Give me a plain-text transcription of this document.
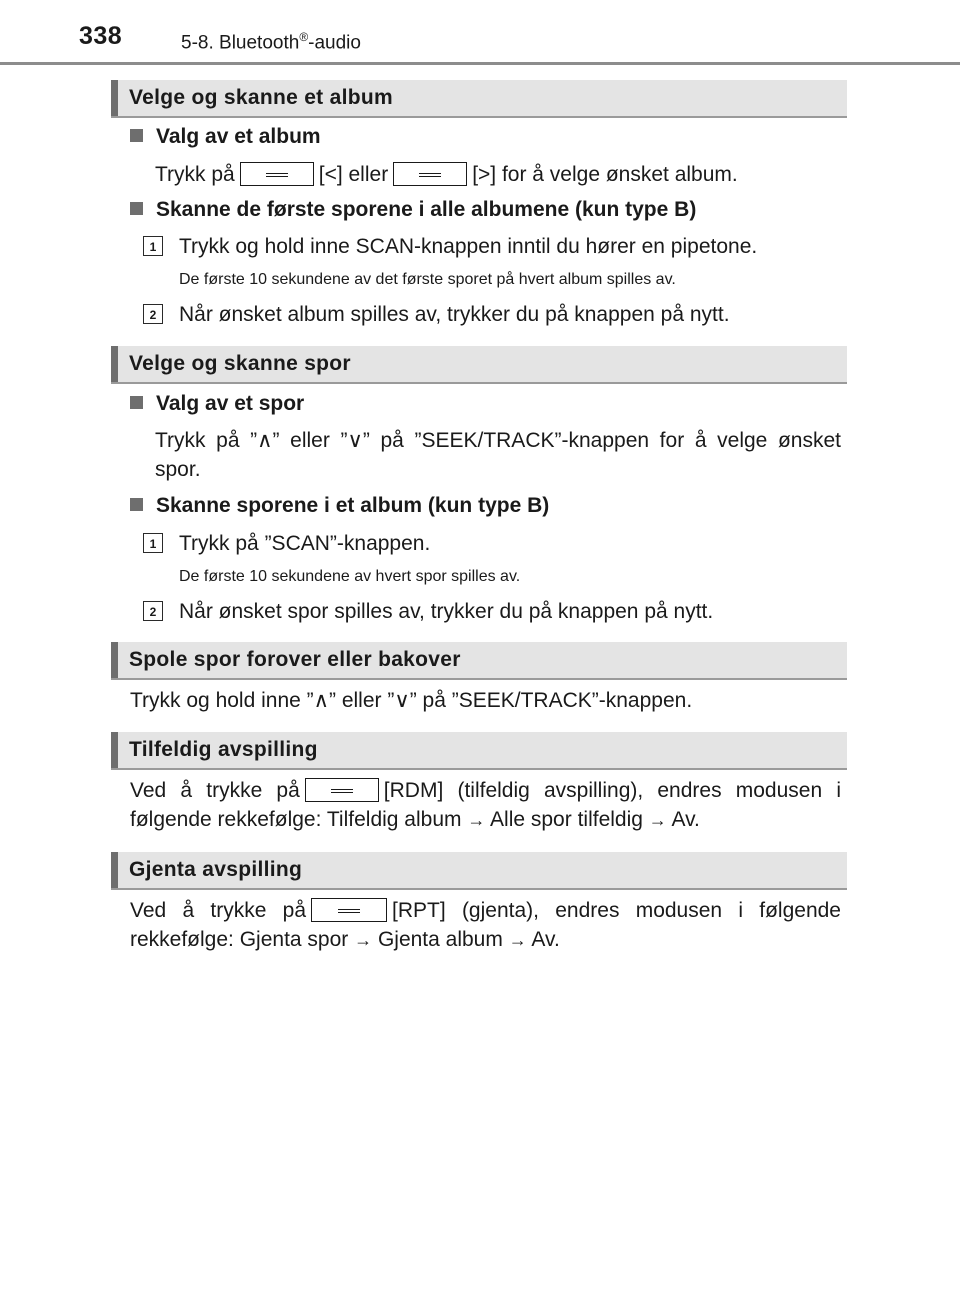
338	5-8. Bluetooth®-audio
Velge og skanne et album
Valg av et album
Trykk på	[<] eller	[>] for å velge ønsket album.
Skanne de første sporene i alle albumene (kun type B)
1	Trykk og hold inne SCAN-knappen inntil du hører en pipetone.
De første 10 sekundene av det første sporet på hvert album spilles av.
2	Når ønsket album spilles av, trykker du på knappen på nytt.
Velge og skanne spor
Valg av et spor
Trykk på ”∧” eller ”∨” på ”SEEK/TRACK”-knappen for å velge ønsket spor.
Skanne sporene i et album (kun type B)
1	Trykk på ”SCAN”-knappen.
De første 10 sekundene av hvert spor spilles av.
2	Når ønsket spor spilles av, trykker du på knappen på nytt.
Spole spor forover eller bakover
Trykk og hold inne ”∧” eller ”∨” på ”SEEK/TRACK”-knappen.
Tilfeldig avspilling
Ved å trykke på	[RDM] (tilfeldig avspilling), endres modusen i følgende rekkefølge: Tilfeldig album → Alle spor tilfeldig → Av.
Gjenta avspilling
Ved å trykke på	[RPT] (gjenta), endres modusen i følgende rekkefølge: Gjenta spor → Gjenta album → Av.
